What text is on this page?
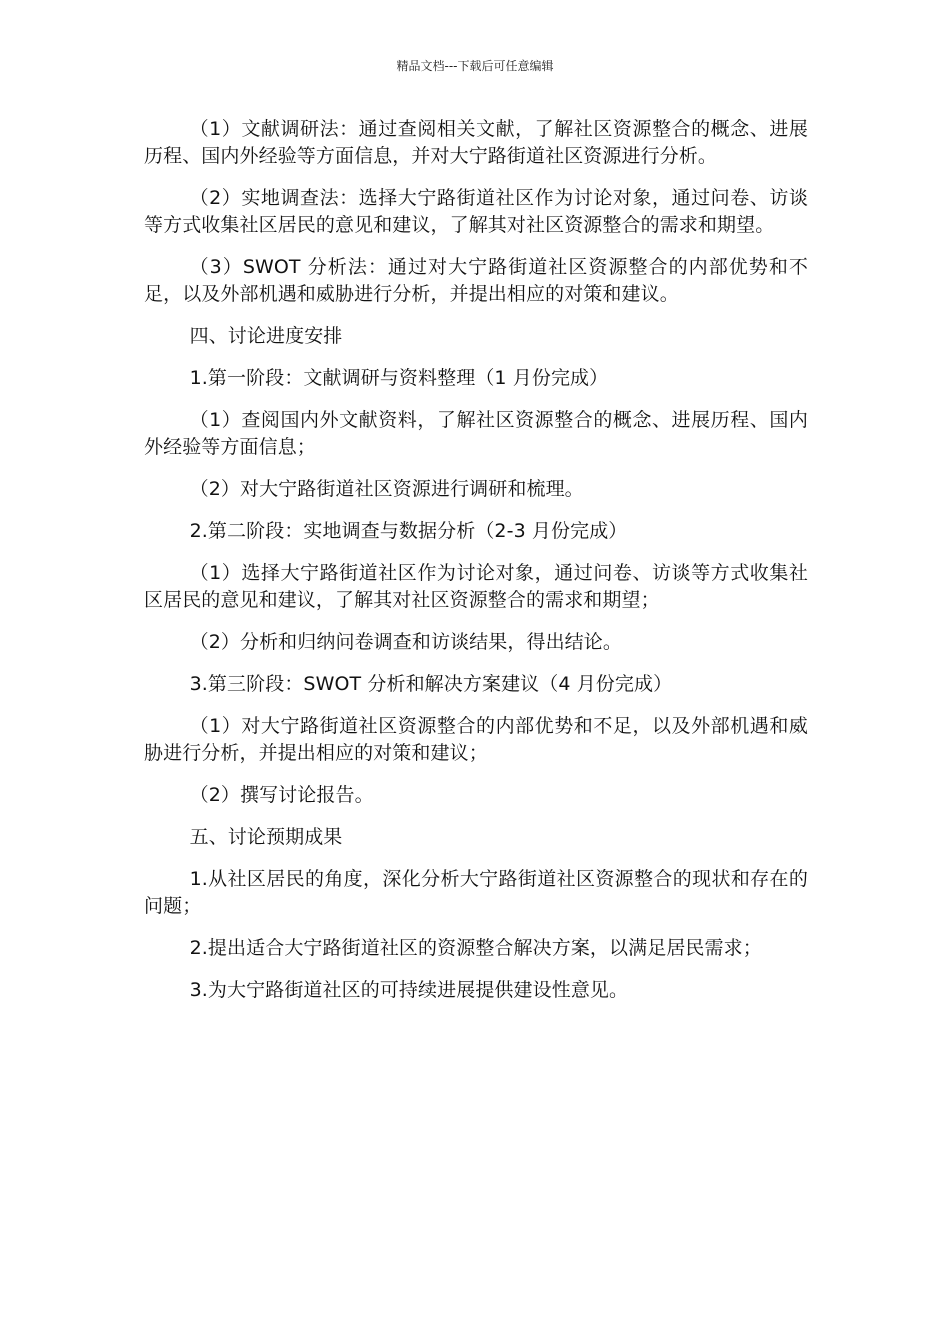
精品文档---下载后可任意编辑

（1）文献调研法：通过查阅相关文献，了解社区资源整合的概念、进展历程、国内外经验等方面信息，并对大宁路街道社区资源进行分析。

（2）实地调查法：选择大宁路街道社区作为讨论对象，通过问卷、访谈等方式收集社区居民的意见和建议，了解其对社区资源整合的需求和期望。

（3）SWOT 分析法：通过对大宁路街道社区资源整合的内部优势和不足，以及外部机遇和威胁进行分析，并提出相应的对策和建议。

四、讨论进度安排

1.第一阶段：文献调研与资料整理（1 月份完成）

（1）查阅国内外文献资料，了解社区资源整合的概念、进展历程、国内外经验等方面信息；

（2）对大宁路街道社区资源进行调研和梳理。

2.第二阶段：实地调查与数据分析（2-3 月份完成）

（1）选择大宁路街道社区作为讨论对象，通过问卷、访谈等方式收集社区居民的意见和建议，了解其对社区资源整合的需求和期望；

（2）分析和归纳问卷调查和访谈结果，得出结论。

3.第三阶段：SWOT 分析和解决方案建议（4 月份完成）

（1）对大宁路街道社区资源整合的内部优势和不足，以及外部机遇和威胁进行分析，并提出相应的对策和建议；

（2）撰写讨论报告。

五、讨论预期成果

1.从社区居民的角度，深化分析大宁路街道社区资源整合的现状和存在的问题；

2.提出适合大宁路街道社区的资源整合解决方案，以满足居民需求；

3.为大宁路街道社区的可持续进展提供建设性意见。
